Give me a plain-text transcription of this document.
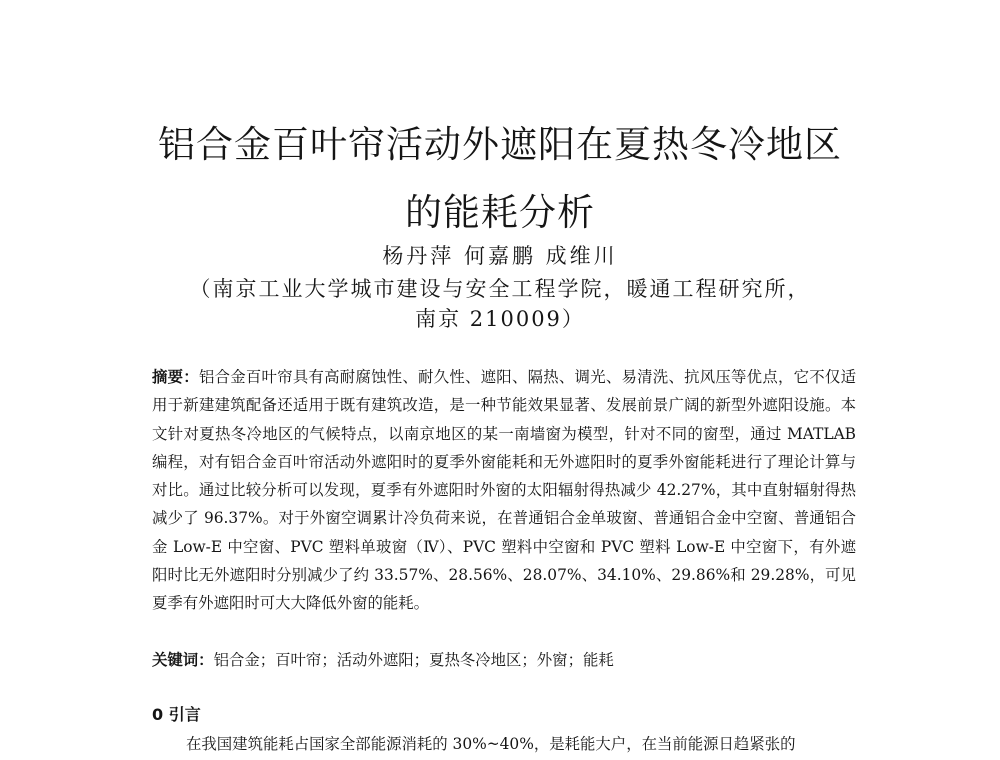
铝合金百叶帘活动外遮阳在夏热冬冷地区
的能耗分析
杨丹萍 何嘉鹏 成维川
（南京工业大学城市建设与安全工程学院，暖通工程研究所，
南京 210009）
摘要：铝合金百叶帘具有高耐腐蚀性、耐久性、遮阳、隔热、调光、易清洗、抗风压等优点，它不仅适用于新建建筑配备还适用于既有建筑改造，是一种节能效果显著、发展前景广阔的新型外遮阳设施。本文针对夏热冬冷地区的气候特点，以南京地区的某一南墙窗为模型，针对不同的窗型，通过 MATLAB 编程，对有铝合金百叶帘活动外遮阳时的夏季外窗能耗和无外遮阳时的夏季外窗能耗进行了理论计算与对比。通过比较分析可以发现，夏季有外遮阳时外窗的太阳辐射得热减少 42.27%，其中直射辐射得热减少了 96.37%。对于外窗空调累计冷负荷来说，在普通铝合金单玻窗、普通铝合金中空窗、普通铝合金 Low-E 中空窗、PVC 塑料单玻窗（Ⅳ）、PVC 塑料中空窗和 PVC 塑料 Low-E 中空窗下，有外遮阳时比无外遮阳时分别减少了约 33.57%、28.56%、28.07%、34.10%、29.86%和 29.28%，可见夏季有外遮阳时可大大降低外窗的能耗。
关键词：铝合金；百叶帘；活动外遮阳；夏热冬冷地区；外窗；能耗
0 引言
在我国建筑能耗占国家全部能源消耗的 30%~40%，是耗能大户，在当前能源日趋紧张的
